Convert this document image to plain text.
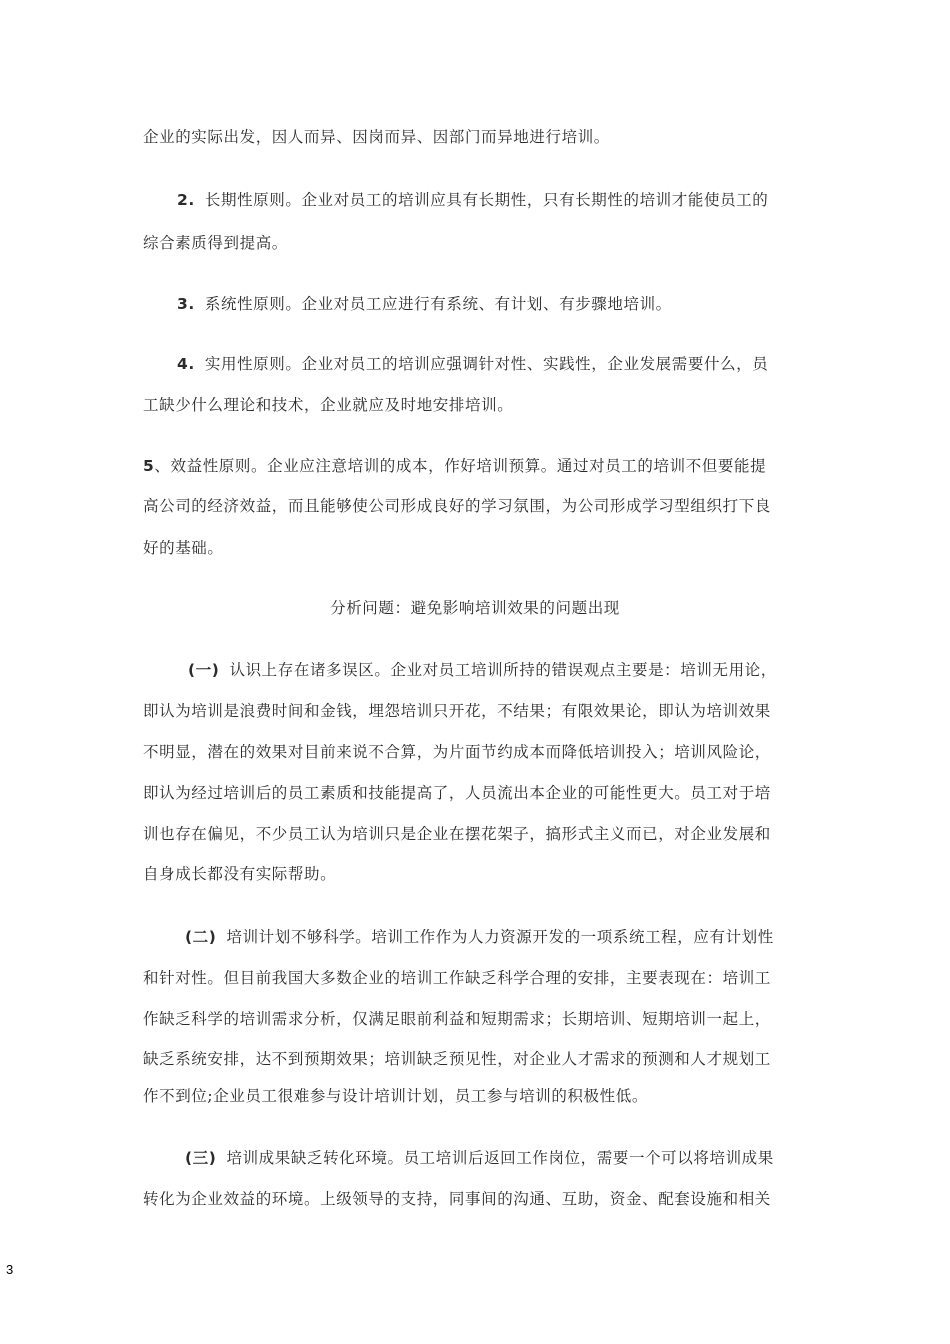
企业的实际出发，因人而异、因岗而异、因部门而异地进行培训。
2. 长期性原则。企业对员工的培训应具有长期性，只有长期性的培训才能使员工的
综合素质得到提高。
3. 系统性原则。企业对员工应进行有系统、有计划、有步骤地培训。
4. 实用性原则。企业对员工的培训应强调针对性、实践性，企业发展需要什么，员
工缺少什么理论和技术，企业就应及时地安排培训。
5、效益性原则。企业应注意培训的成本，作好培训预算。通过对员工的培训不但要能提
高公司的经济效益，而且能够使公司形成良好的学习氛围，为公司形成学习型组织打下良
好的基础。
分析问题：避免影响培训效果的问题出现
(一) 认识上存在诸多误区。企业对员工培训所持的错误观点主要是：培训无用论，
即认为培训是浪费时间和金钱，埋怨培训只开花，不结果；有限效果论，即认为培训效果
不明显，潜在的效果对目前来说不合算，为片面节约成本而降低培训投入；培训风险论，
即认为经过培训后的员工素质和技能提高了，人员流出本企业的可能性更大。员工对于培
训也存在偏见，不少员工认为培训只是企业在摆花架子，搞形式主义而已，对企业发展和
自身成长都没有实际帮助。
(二) 培训计划不够科学。培训工作作为人力资源开发的一项系统工程，应有计划性
和针对性。但目前我国大多数企业的培训工作缺乏科学合理的安排，主要表现在：培训工
作缺乏科学的培训需求分析，仅满足眼前利益和短期需求；长期培训、短期培训一起上，
缺乏系统安排，达不到预期效果；培训缺乏预见性，对企业人才需求的预测和人才规划工
作不到位;企业员工很难参与设计培训计划，员工参与培训的积极性低。
(三) 培训成果缺乏转化环境。员工培训后返回工作岗位，需要一个可以将培训成果
转化为企业效益的环境。上级领导的支持，同事间的沟通、互助，资金、配套设施和相关
3
